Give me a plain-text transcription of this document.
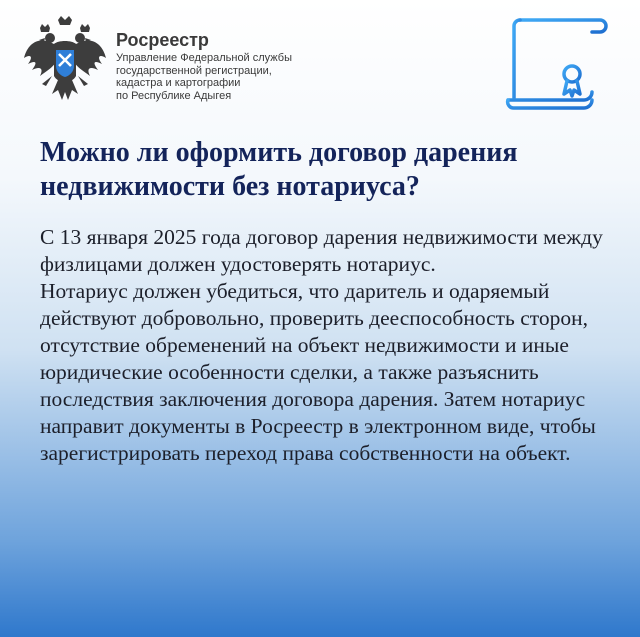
Росреестр
Управление Федеральной службы
государственной регистрации,
кадастра и картографии
по Республике Адыгея
Можно ли оформить договор дарения
недвижимости без нотариуса?

С 13 января 2025 года договор дарения недвижимости между физлицами должен удостоверять нотариус.

Нотариус должен убедиться, что даритель и одаряемый действуют добровольно, проверить дееспособность сторон, отсутствие обременений на объект недвижимости и иные юридические особенности сделки, а также разъяснить последствия заключения договора дарения. Затем нотариус направит документы в Росреестр в электронном виде, чтобы зарегистрировать переход права собственности на объект.
